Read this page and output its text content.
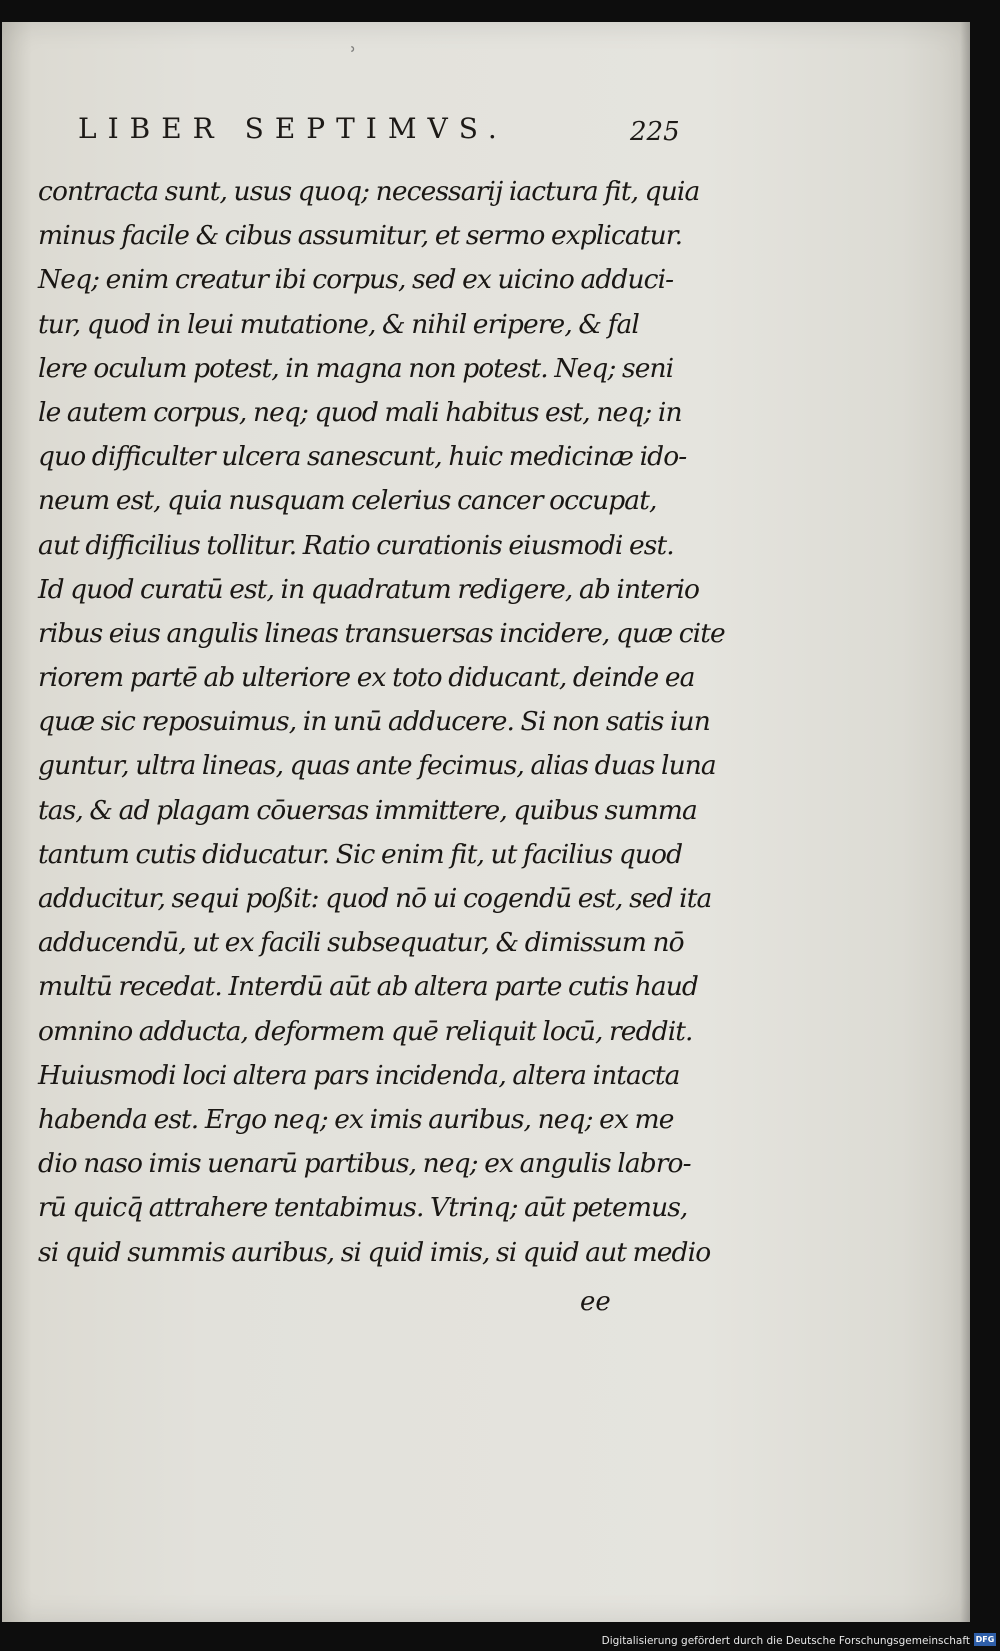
ʾ
LIBER SEPTIMVS.	225
contracta sunt, usus quoq; necessarij iactura fit, quia
minus facile & cibus assumitur, et sermo explicatur.
Neq; enim creatur ibi corpus, sed ex uicino adduci-
tur, quod in leui mutatione, & nihil eripere, & fal
lere oculum potest, in magna non potest. Neq; seni
le autem corpus, neq; quod mali habitus est, neq; in
quo difficulter ulcera sanescunt, huic medicinæ ido-
neum est, quia nusquam celerius cancer occupat,
aut difficilius tollitur. Ratio curationis eiusmodi est.
Id quod curatū est, in quadratum redigere, ab interio
ribus eius angulis lineas transuersas incidere, quæ cite
riorem partē ab ulteriore ex toto diducant, deinde ea
quæ sic reposuimus, in unū adducere. Si non satis iun
guntur, ultra lineas, quas ante fecimus, alias duas luna
tas, & ad plagam cōuersas immittere, quibus summa
tantum cutis diducatur. Sic enim fit, ut facilius quod
adducitur, sequi poßit: quod nō ui cogendū est, sed ita
adducendū, ut ex facili subsequatur, & dimissum nō
multū recedat. Interdū aūt ab altera parte cutis haud
omnino adducta, deformem quē reliquit locū, reddit.
Huiusmodi loci altera pars incidenda, altera intacta
habenda est. Ergo neq; ex imis auribus, neq; ex me
dio naso imis uenarū partibus, neq; ex angulis labro-
rū quicq̄ attrahere tentabimus. Vtrinq; aūt petemus,
si quid summis auribus, si quid imis, si quid aut medio
ee
Digitalisierung gefördert durch die Deutsche Forschungsgemeinschaft DFG
